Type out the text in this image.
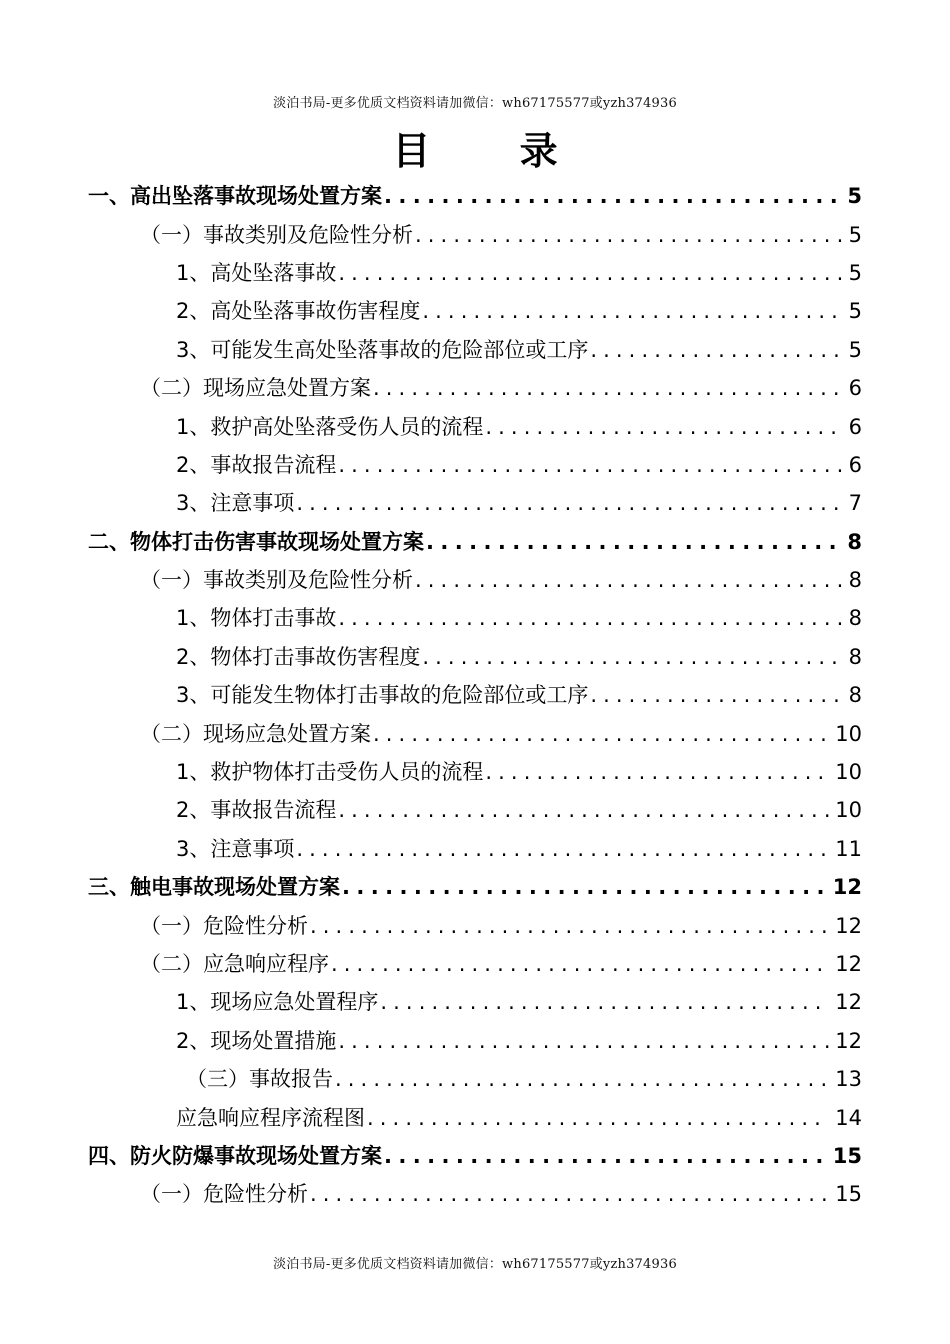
淡泊书局-更多优质文档资料请加微信：wh67175577或yzh374936
目 录
一、高出坠落事故现场处置方案 .....	5
（一）事故类别及危险性分析 .....	5
1、高处坠落事故 .....	5
2、高处坠落事故伤害程度 .....	5
3、可能发生高处坠落事故的危险部位或工序 .....	5
（二）现场应急处置方案 .....	6
1、救护高处坠落受伤人员的流程 .....	6
2、事故报告流程 .....	6
3、注意事项 .....	7
二、物体打击伤害事故现场处置方案 .....	8
（一）事故类别及危险性分析 .....	8
1、物体打击事故 .....	8
2、物体打击事故伤害程度 .....	8
3、可能发生物体打击事故的危险部位或工序 .....	8
（二）现场应急处置方案 .....	10
1、救护物体打击受伤人员的流程 .....	10
2、事故报告流程 .....	10
3、注意事项 .....	11
三、触电事故现场处置方案 .....	12
（一）危险性分析 .....	12
（二）应急响应程序 .....	12
1、现场应急处置程序 .....	12
2、现场处置措施 .....	12
（三）事故报告 .....	13
应急响应程序流程图 .....	14
四、防火防爆事故现场处置方案 .....	15
（一）危险性分析 .....	15
淡泊书局-更多优质文档资料请加微信：wh67175577或yzh374936
